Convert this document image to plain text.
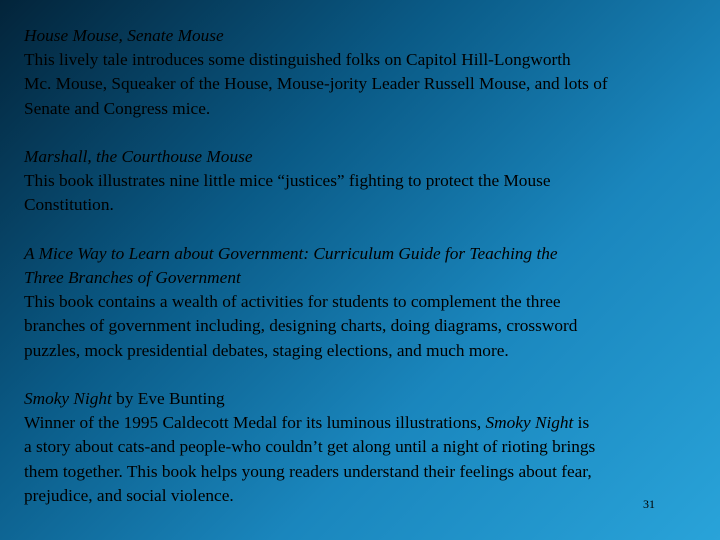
House Mouse, Senate Mouse
This lively tale introduces some distinguished folks on Capitol Hill-Longworth
Mc. Mouse, Squeaker of the House, Mouse-jority Leader Russell Mouse, and lots of
Senate and Congress mice.
Marshall, the Courthouse Mouse
This book illustrates nine little mice “justices” fighting to protect the Mouse
Constitution.
A Mice Way to Learn about Government: Curriculum Guide for Teaching the
Three Branches of Government
This book contains a wealth of activities for students to complement the three
branches of government including, designing charts, doing diagrams, crossword
puzzles, mock presidential debates, staging elections, and much more.
Smoky Night by Eve Bunting
Winner of the 1995 Caldecott Medal for its luminous illustrations, Smoky Night is
a story about cats-and people-who couldn’t get along until a night of rioting brings
them together. This book helps young readers understand their feelings about fear,
prejudice, and social violence.	31
